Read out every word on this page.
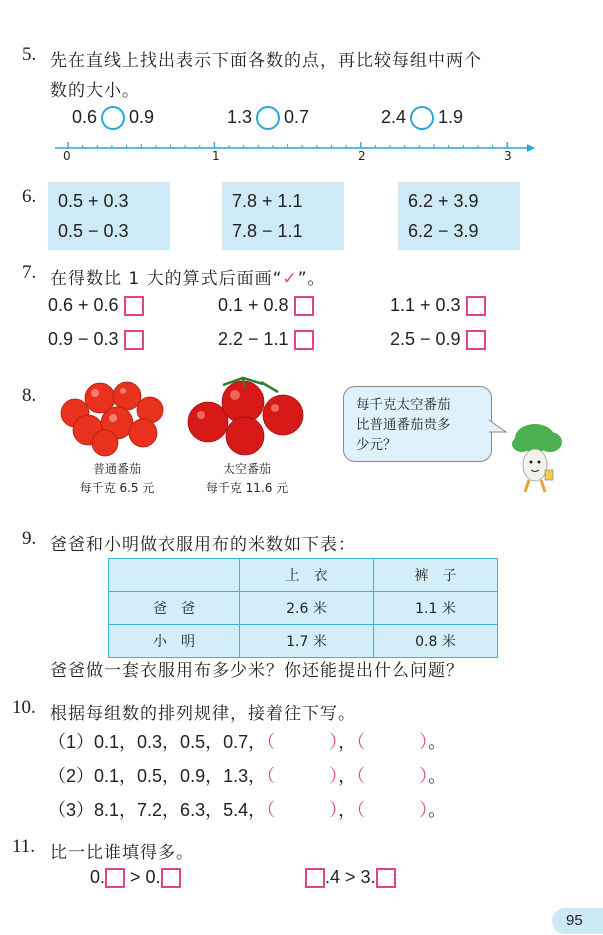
5. 先在直线上找出表示下面各数的点，再比较每组中两个
数的大小。
0.6 0.9	1.3 0.7	2.4 1.9
0	1	2	3
6. 0.5 + 0.3
0.5 − 0.3
7.8 + 1.1
7.8 − 1.1
6.2 + 3.9
6.2 − 3.9
7. 在得数比 1 大的算式后面画“✓”。
0.6 + 0.6	0.1 + 0.8	1.1 + 0.3
0.9 − 0.3	2.2 − 1.1	2.5 − 0.9
8.
普通番茄
每千克 6.5 元
太空番茄
每千克 11.6 元
每千克太空番茄
比普通番茄贵多
少元？
9. 爸爸和小明做衣服用布的米数如下表：
	上　衣	裤　子
爸　爸	2.6 米	1.1 米
小　明	1.7 米	0.8 米
爸爸做一套衣服用布多少米？你还能提出什么问题？
10. 根据每组数的排列规律，接着往下写。
（1）0.1，0.3，0.5，0.7，（　　　），（　　　）。
（2）0.1，0.5，0.9，1.3，（　　　），（　　　）。
（3）8.1，7.2，6.3，5.4，（　　　），（　　　）。
11. 比一比谁填得多。
0. > 0.	.4 > 3.
95
